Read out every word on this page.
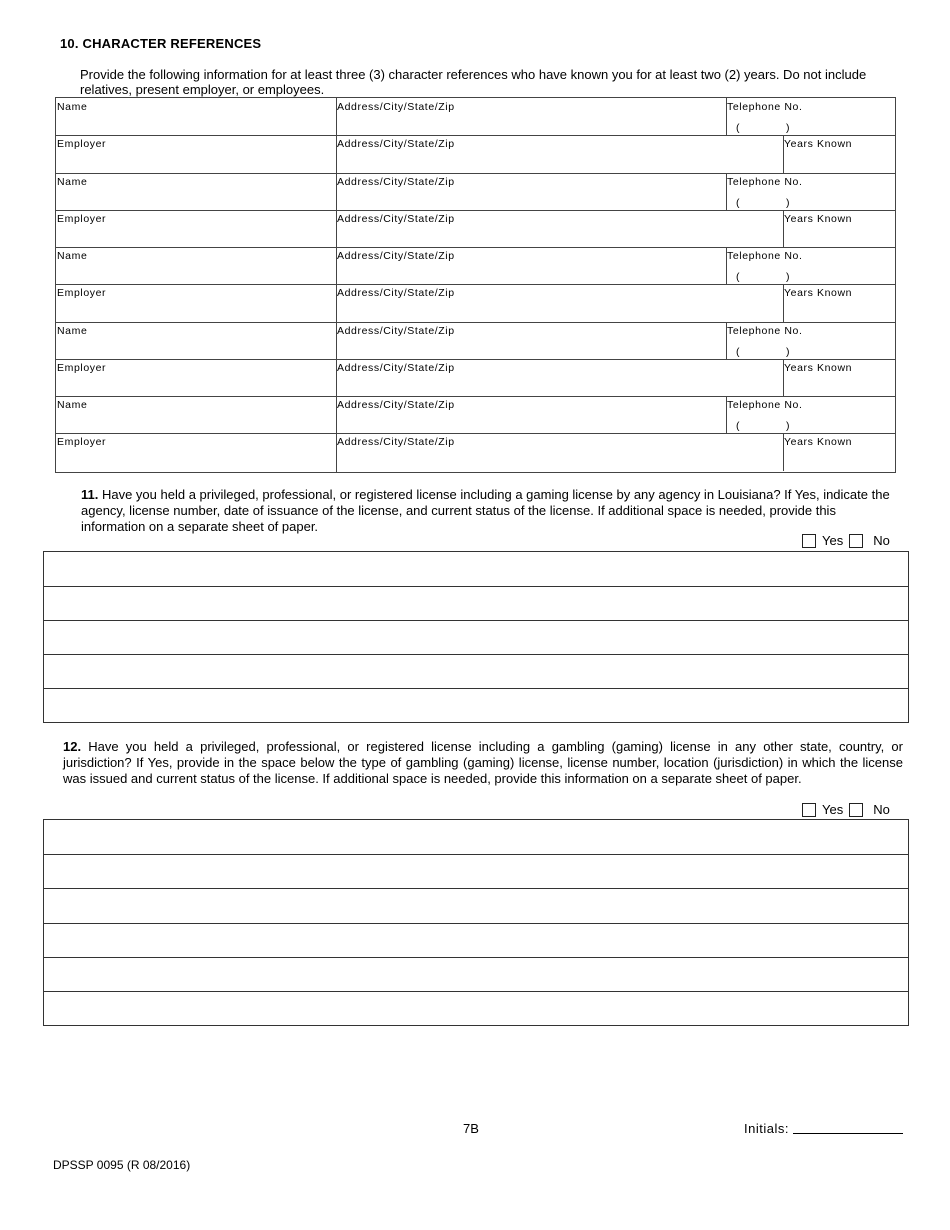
10. CHARACTER REFERENCES
Provide the following information for at least three (3) character references who have known you for at least two (2) years. Do not include relatives, present employer, or employees.
Name	Address/City/State/Zip	Telephone No.
(	)
Employer	Address/City/State/Zip	Years Known
Name	Address/City/State/Zip	Telephone No.
(	)
Employer	Address/City/State/Zip	Years Known
Name	Address/City/State/Zip	Telephone No.
(	)
Employer	Address/City/State/Zip	Years Known
Name	Address/City/State/Zip	Telephone No.
(	)
Employer	Address/City/State/Zip	Years Known
Name	Address/City/State/Zip	Telephone No.
(	)
Employer	Address/City/State/Zip	Years Known
11. Have you held a privileged, professional, or registered license including a gaming license by any agency in Louisiana? If Yes, indicate the agency, license number, date of issuance of the license, and current status of the license. If additional space is needed, provide this information on a separate sheet of paper.
Yes No
12. Have you held a privileged, professional, or registered license including a gambling (gaming) license in any other state, country, or jurisdiction? If Yes, provide in the space below the type of gambling (gaming) license, license number, location (jurisdiction) in which the license was issued and current status of the license. If additional space is needed, provide this information on a separate sheet of paper.
Yes No
7B	Initials:
DPSSP 0095 (R 08/2016)
